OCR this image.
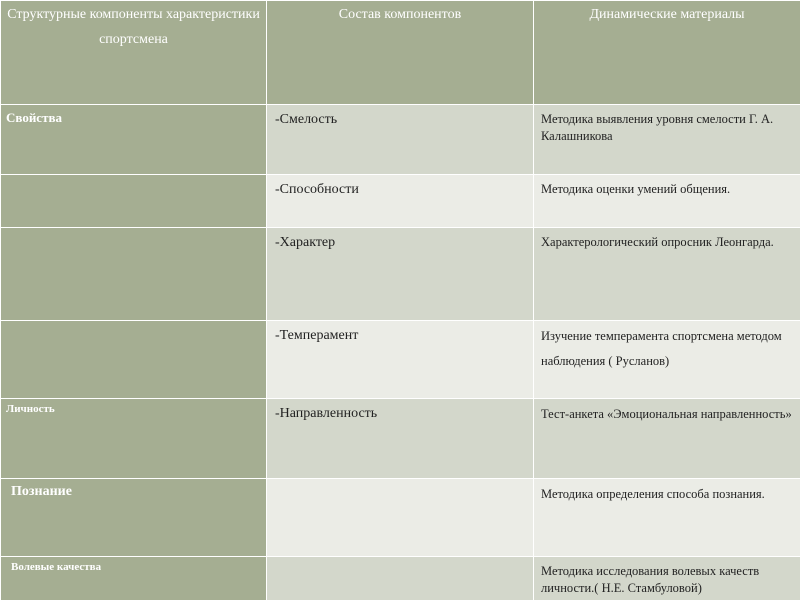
Структурные компоненты характеристики спортсмена	Состав компонентов	Динамические материалы
Свойства	-Смелость	Методика выявления уровня смелости Г. А. Калашникова
	-Способности	Методика оценки умений общения.
	-Характер	Характерологический опросник Леонгарда.
	-Темперамент	Изучение темперамента спортсмена методом наблюдения ( Русланов)
Личность	-Направленность	Тест-анкета «Эмоциональная направленность»
Познание		Методика определения способа познания.
Волевые качества		Методика исследования волевых качеств личности.( Н.Е. Стамбуловой)
